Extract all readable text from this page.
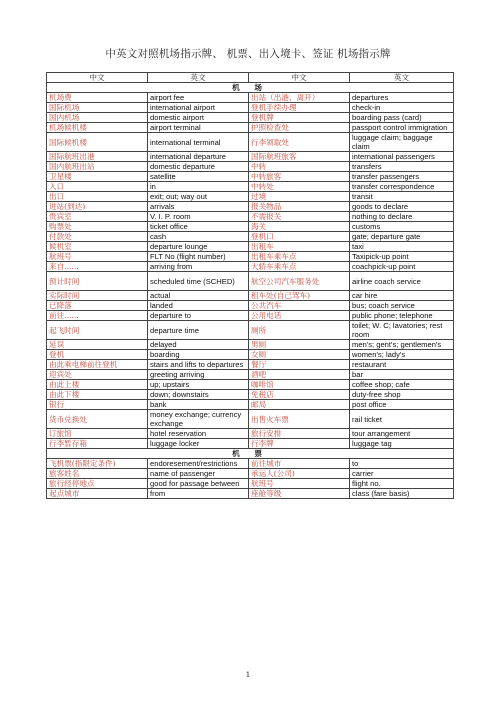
中英文对照机场指示牌、 机票、出入境卡、签证 机场指示牌
中文	英文	中文	英文
机 场			
机场费	airport fee	出站（出港、离开）	departures
国际机场	international airport	登机手续办理	check-in
国内机场	domestic airport	登机牌	boarding pass (card)
机场候机楼	airport terminal	护照检查处	passport control immigration
国际候机楼	international terminal	行李领取处	luggage claim; baggage claim
国际航班出港	international departure	国际航班旅客	international passengers
国内航班出站	domestic departure	中转	transfers
卫星楼	satellite	中转旅客	transfer passengers
入口	in	中转处	transfer correspondence
出口	exit; out; way out	过境	transit
进站(到达)	arrivals	报关物品	goods to declare
贵宾室	V. I. P. room	不需报关	nothing to declare
购票处	ticket office	海关	customs
付款处	cash	登机口	gate; departure gate
候机室	departure lounge	出租车	taxi
航班号	FLT No (flight number)	出租车乘车点	Taxipick-up point
来自......	arriving from	大轿车乘车点	coachpick-up point
预计时间	scheduled time (SCHED)	航空公司汽车服务处	airline coach service
实际时间	actual	租车处(自己驾车)	car hire
已降落	landed	公共汽车	bus; coach service
前往......	departure to	公用电话	public phone; telephone
起飞时间	departure time	厕所	toilet; W. C; lavatories; rest room
延误	delayed	男厕	men's; gent's; gentlemen's
登机	boarding	女厕	women's; lady's
由此乘电梯前往登机	stairs and lifts to departures	餐厅	restaurant
迎宾处	greeting arriving	酒吧	bar
由此上楼	up; upstairs	咖啡馆	coffee shop; cafe
由此下楼	down; downstairs	免税店	duty-free shop
银行	bank	邮局	post office
货币兑换处	money exchange; currency exchange	出售火车票	rail ticket
订旅馆	hotel reservation	旅行安排	tour arrangement
行李暂存箱	luggage locker	行李牌	luggage tag
机 票			
飞机票(指限定条件)	endoresement/restrictions	前往城市	to
旅客姓名	name of passenger	承运人(公司)	carrier
旅行经停地点	good for passage between	航班号	flight no.
起点城市	from	座舱等级	class (fare basis)
1
